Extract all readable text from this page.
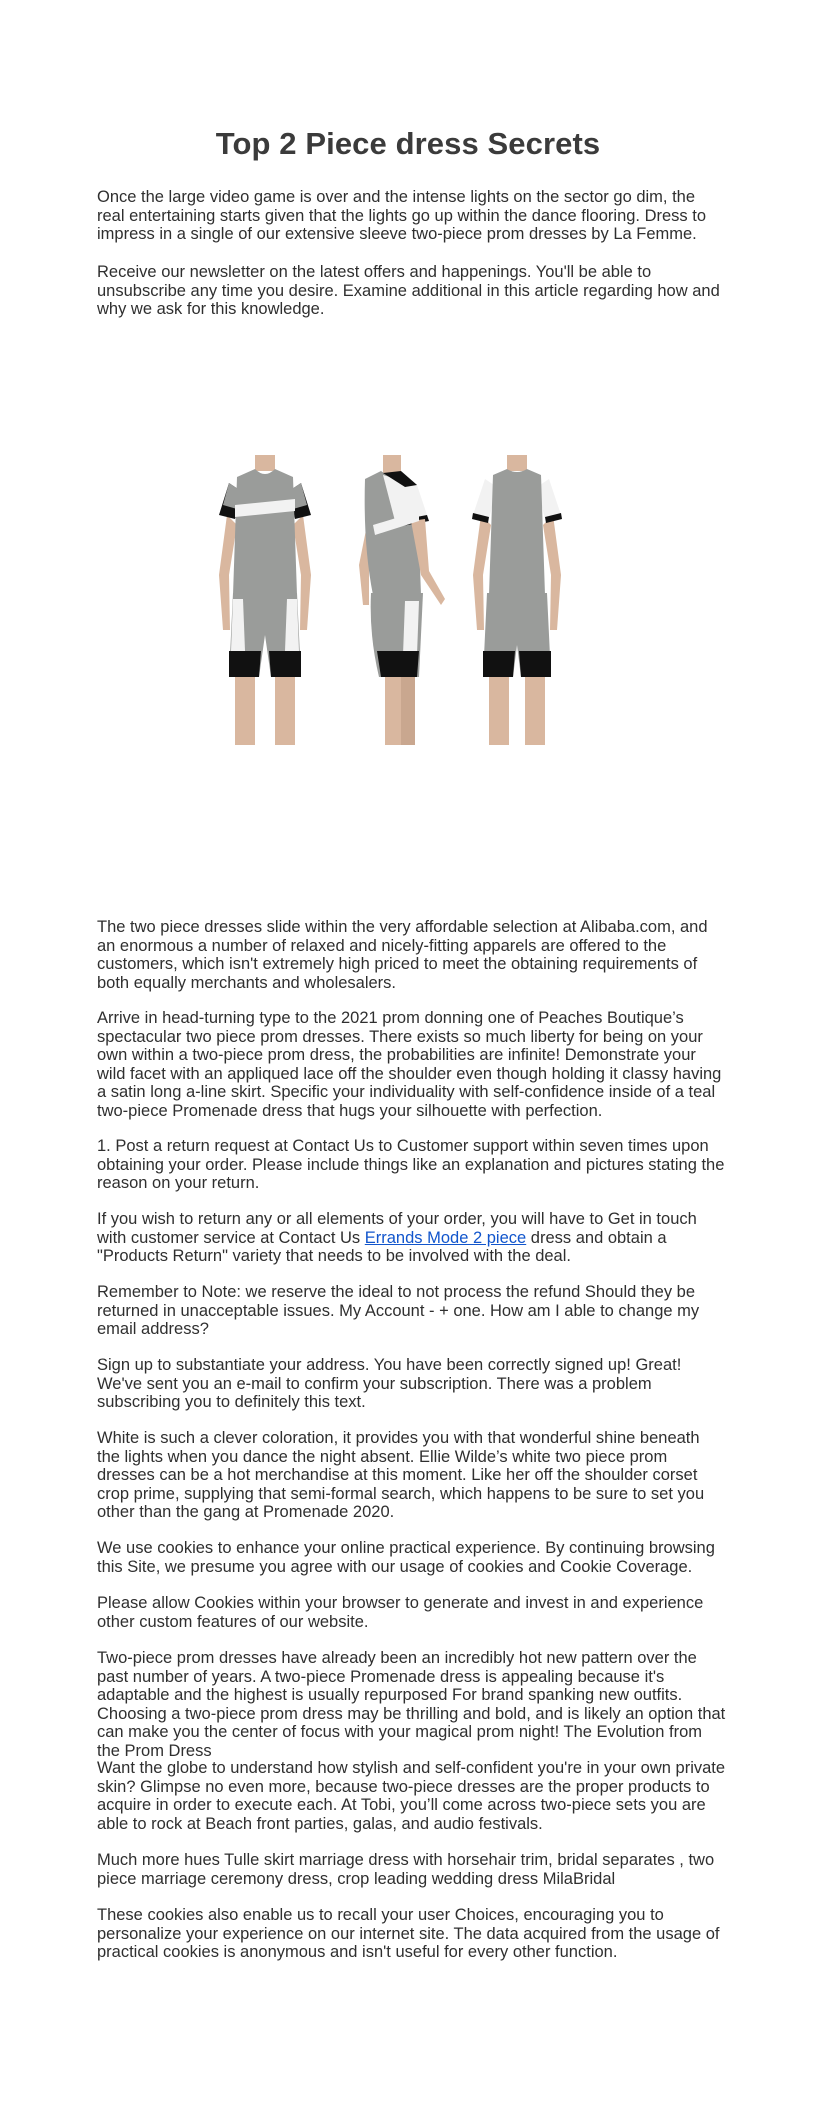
Top 2 Piece dress Secrets

Once the large video game is over and the intense lights on the sector go dim, the real entertaining starts given that the lights go up within the dance flooring. Dress to impress in a single of our extensive sleeve two-piece prom dresses by La Femme.

Receive our newsletter on the latest offers and happenings. You'll be able to unsubscribe any time you desire. Examine additional in this article regarding how and why we ask for this knowledge.

The two piece dresses slide within the very affordable selection at Alibaba.com, and an enormous a number of relaxed and nicely-fitting apparels are offered to the customers, which isn't extremely high priced to meet the obtaining requirements of both equally merchants and wholesalers.

Arrive in head-turning type to the 2021 prom donning one of Peaches Boutique’s spectacular two piece prom dresses. There exists so much liberty for being on your own within a two-piece prom dress, the probabilities are infinite! Demonstrate your wild facet with an appliqued lace off the shoulder even though holding it classy having a satin long a-line skirt. Specific your individuality with self-confidence inside of a teal two-piece Promenade dress that hugs your silhouette with perfection.

1. Post a return request at Contact Us to Customer support within seven times upon obtaining your order. Please include things like an explanation and pictures stating the reason on your return.

If you wish to return any or all elements of your order, you will have to Get in touch with customer service at Contact Us Errands Mode 2 piece dress and obtain a "Products Return" variety that needs to be involved with the deal.

Remember to Note: we reserve the ideal to not process the refund Should they be returned in unacceptable issues. My Account - + one. How am I able to change my email address?

Sign up to substantiate your address. You have been correctly signed up! Great! We've sent you an e-mail to confirm your subscription. There was a problem subscribing you to definitely this text.

White is such a clever coloration, it provides you with that wonderful shine beneath the lights when you dance the night absent. Ellie Wilde’s white two piece prom dresses can be a hot merchandise at this moment. Like her off the shoulder corset crop prime, supplying that semi-formal search, which happens to be sure to set you other than the gang at Promenade 2020.

We use cookies to enhance your online practical experience. By continuing browsing this Site, we presume you agree with our usage of cookies and Cookie Coverage.

Please allow Cookies within your browser to generate and invest in and experience other custom features of our website.

Two-piece prom dresses have already been an incredibly hot new pattern over the past number of years. A two-piece Promenade dress is appealing because it's adaptable and the highest is usually repurposed For brand spanking new outfits. Choosing a two-piece prom dress may be thrilling and bold, and is likely an option that can make you the center of focus with your magical prom night! The Evolution from the Prom Dress

Want the globe to understand how stylish and self-confident you're in your own private skin? Glimpse no even more, because two-piece dresses are the proper products to acquire in order to execute each. At Tobi, you’ll come across two-piece sets you are able to rock at Beach front parties, galas, and audio festivals.

Much more hues Tulle skirt marriage dress with horsehair trim, bridal separates , two piece marriage ceremony dress, crop leading wedding dress MilaBridal

These cookies also enable us to recall your user Choices, encouraging you to personalize your experience on our internet site. The data acquired from the usage of practical cookies is anonymous and isn't useful for every other function.
